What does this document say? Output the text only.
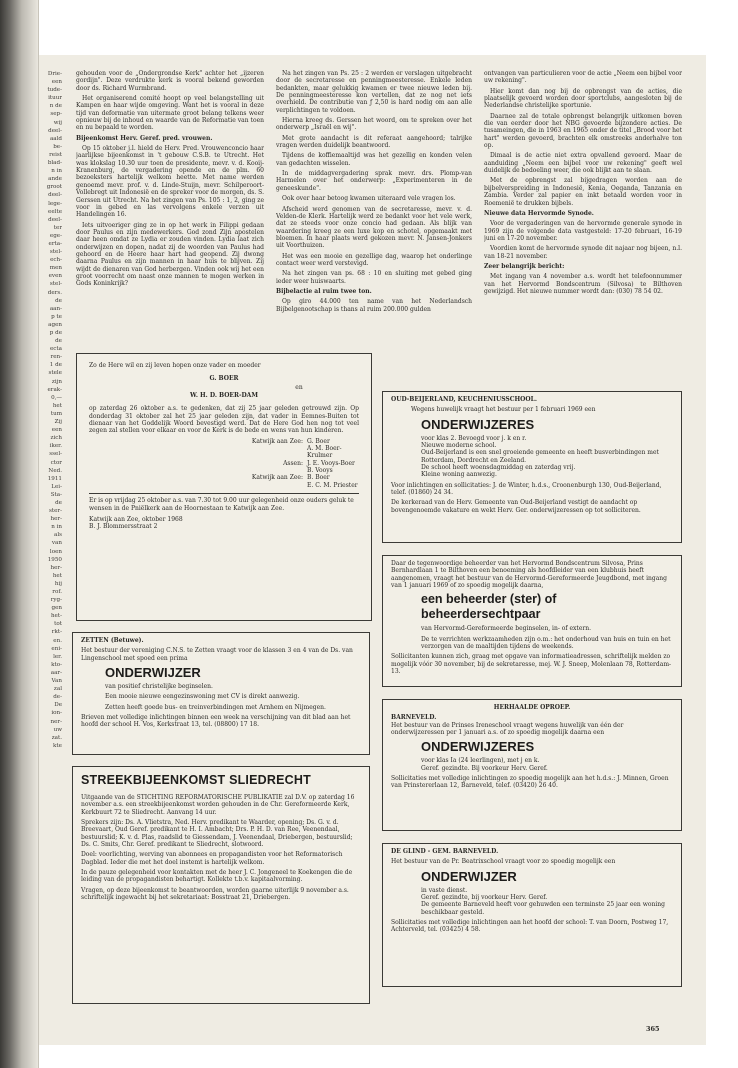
Drie-
een
tude-
ituur
n de
sep-
wij
deel-
aald
be-
reist
blad-
n in
ande
groot
deel-
lege-
eelte
deel-
ter
ege-
erta-
stel-
ech-
men
even
stel-
ders.
de
aan-
p te
agen
p de
de
ecta
ren-
1 de
stele
zijn
erak-
0,—
het
tum
Zij
een
zich
iker.
ssel-
ctor
Ned.
1911
Lei-
Sta-
de
ster-
her-
n in
als
van
loen
1950
her-
het
hij
rof.
ryg-
gen
het-
tot
rkt-
en.
eni-
ler.
kto-
aar-
Van
zal
de-
De
ion-
ner-
uw
zat.
kte

gehouden voor de „Ondergrondse Kerk" achter het „ijzeren gordijn". Deze verdrukte kerk is vooral bekend geworden door ds. Richard Wurmbrand.

Het organiserend comité hoopt op veel belangstelling uit Kampen en haar wijde omgeving. Want het is vooral in deze tijd van deformatie van uitermate groot belang telkens weer opnieuw bij de inhoud en waarde van de Reformatie van toen en nu bepaald te worden.

Bijeenkomst Herv. Geref. pred. vrouwen.

Op 15 oktober j.l. hield de Herv. Pred. Vrouwenconcio haar jaarlijkse bijeenkomst in 't gebouw C.S.B. te Utrecht. Het was klokslag 10.30 uur toen de presidente, mevr. v. d. Kooij-Kranenburg, de vergadering opende en de plm. 60 bezoeksters hartelijk welkom heette. Met name werden genoemd mevr. prof. v. d. Linde-Stuijn, mevr. Schilperoort-Vollebregt uit Indonesië en de spreker voor de morgen, ds. S. Gerssen uit Utrecht. Na het zingen van Ps. 105 : 1, 2, ging ze voor in gebed en las vervolgens enkele verzen uit Handelingen 16.

Iets uitvoeriger ging ze in op het werk in Filippi gedaan door Paulus en zijn medewerkers. God zond Zijn apostelen daar heen omdat ze Lydia er zouden vinden. Lydia laat zich onderwijzen en dopen, nadat zij de woorden van Paulus had gehoord en de Heere haar hart had geopend. Zij dwong daarna Paulus en zijn mannen in haar huis te blijven. Zij wijdt de dienaren van God herbergen. Vinden ook wij het een groot voorrecht om naast onze mannen te mogen werken in Gods Koninkrijk?

Na het zingen van Ps. 25 : 2 werden er verslagen uitgebracht door de secretaresse en penningmeesteresse. Enkele leden bedankten, maar gelukkig kwamen er twee nieuwe leden bij. De penningmeesteresse kon vertellen, dat ze nog net iets overhield. De contributie van ƒ 2,50 is hard nodig om aan alle verplichtingen te voldoen.

Hierna kreeg ds. Gerssen het woord, om te spreken over het onderwerp „Israël en wij".

Met grote aandacht is dit referaat aangehoord; talrijke vragen werden duidelijk beantwoord.

Tijdens de koffiemaaltijd was het gezellig en konden velen van gedachten wisselen.

In de middagvergadering sprak mevr. drs. Plomp-van Harmelen over het onderwerp: „Experimenteren in de geneeskunde".

Ook over haar betoog kwamen uiteraard vele vragen los.

Afscheid werd genomen van de secretaresse, mevr. v. d. Velden-de Klerk. Hartelijk werd ze bedankt voor het vele werk, dat ze steeds voor onze concio had gedaan. Als blijk van waardering kreeg ze een luxe kop en schotel, opgemaakt met bloemen. In haar plaats werd gekozen mevr. N. Jansen-Jonkers uit Voorthuizen.

Het was een mooie en gezellige dag, waarop het onderlinge contact weer werd verstevigd.

Na het zingen van ps. 68 : 10 en sluiting met gebed ging ieder weer huiswaarts.

Bijbelactie al ruim twee ton.

Op giro 44.000 ten name van het Nederlandsch Bijbelgenootschap is thans al ruim 200.000 gulden

ontvangen van particulieren voor de actie „Neem een bijbel voor uw rekening".

Hier komt dan nog bij de opbrengst van de acties, die plaatselijk gevoerd worden door sportclubs, aangesloten bij de Nederlandse christelijke sportunie.

Daarnee zal de totale opbrengst belangrijk uitkomen boven die van eerder door het NBG gevoerde bijzondere acties. De tusameingen, die in 1963 en 1965 onder de titel „Brood voor het hart" werden gevoerd, brachten elk omstreeks anderhalve ton op.

Dimaal is de actie niet extra opvallend gevoerd. Maar de aanduiding „Neem een bijbel voor uw rekening" geeft wel duidelijk de bedoeling weer, die ook blijkt aan te slaan.

Met de opbrengst zal bijgedragen worden aan de bijbelverspreiding in Indonesië, Kenia, Oeganda, Tanzania en Zambia. Verder zal papier en inkt betaald worden voor in Roemenië te drukken bijbels.

Nieuwe data Hervormde Synode.

Voor de vergaderingen van de hervormde generale synode in 1969 zijn de volgende data vastgesteld: 17-20 februari, 16-19 juni en 17-20 november.

Voordien komt de hervormde synode dit najaar nog bijeen, n.l. van 18-21 november.

Zeer belangrijk bericht:

Met ingang van 4 november a.s. wordt het telefoonnummer van het Hervormd Bondscentrum (Silvosa) te Bilthoven gewijzigd. Het nieuwe nummer wordt dan: (030) 78 54 02.

Zo de Here wil en zij leven hopen onze vader en moeder

G. BOER

en

W. H. D. BOER-DAM

op zaterdag 26 oktober a.s. te gedenken, dat zij 25 jaar geleden getrouwd zijn. Op donderdag 31 oktober zal het 25 jaar geleden zijn, dat vader in Eemnes-Buiten tot dienaar van het Goddelijk Woord bevestigd werd. Dat de Here God hen nog tot veel zegen zal stellen voor elkaar en voor de Kerk is de bede en wens van hun kinderen.

Katwijk aan Zee: G. Boer
A. M. Boer-Krulmer
Assen: J. E. Vooys-Boer
B. Vooys
Katwijk aan Zee: B. Boer
E. C. M. Priester

Er is op vrijdag 25 oktober a.s. van 7.30 tot 9.00 uur gelegenheid onze ouders geluk te wensen in de Pniëlkerk aan de Hoornestaan te Katwijk aan Zee.

Katwijk aan Zee, oktober 1968

B. J. Blommersstraat 2

ZETTEN (Betuwe).

Het bestuur der vereniging C.N.S. te Zetten vraagt voor de klassen 3 en 4 van de Ds. van Lingenschool met spoed een prima

ONDERWIJZER

van positief christelijke beginselen.

Een mooie nieuwe eengezinswoning met CV is direkt aanwezig.

Zetten heeft goede bus- en treinverbindingen met Arnhem en Nijmegen.

Brieven met volledige inlichtingen binnen een week na verschijning van dit blad aan het hoofd der school H. Vos, Kerkstraat 13, tel. (08800) 17 18.

STREEKBIJEENKOMST SLIEDRECHT

Uitgaande van de STICHTING REFORMATORISCHE PUBLIKATIE zal D.V. op zaterdag 16 november a.s. een streekbijeenkomst worden gehouden in de Chr. Gereformeerde Kerk, Kerkbuurt 72 te Sliedrecht. Aanvang 14 uur.

Sprekers zijn: Ds. A. Vlietstra, Ned. Herv. predikant te Waarder, opening; Ds. G. v. d. Breevaart, Oud Geref. predikant te H. I. Ambacht; Drs. P. H. D. van Ree, Veenendaal, bestuurslid; K. v. d. Plas, raadslid te Giessendam, J. Veenendaal, Driebergen, bestuurslid; Ds. C. Smits, Chr. Geref. predikant te Sliedrecht, slotwoord.

Doel: voorlichting, werving van abonnees en propagandisten voor het Reformatorisch Dagblad. Ieder die met het doel instemt is hartelijk welkom.

In de pauze gelegenheid voor kontakten met de heer J. C. Jongeneel te Koekengen die de leiding van de propagandisten behartigt. Kollekte t.b.v. kapitaalvorming.

Vragen, op deze bijeenkomst te beantwoorden, worden gaarne uiterlijk 9 november a.s. schriftelijk ingewacht bij het sekretariaat: Bosstraat 21, Driebergen.

OUD-BEIJERLAND, KEUCHENIUSSCHOOL.

Wegens huwelijk vraagt het bestuur per 1 februari 1969 een

ONDERWIJZERES

voor klas 2. Bevoegd voor j. k en r.

Nieuwe moderne school.

Oud-Beijerland is een snel groeiende gemeente en heeft busverbindingen met Rotterdam, Dordrecht en Zeeland.

De school heeft woensdagmiddag en zaterdag vrij.

Kleine woning aanwezig.

Voor inlichtingen en sollicitaties: J. de Winter, h.d.s., Croonenburgh 130, Oud-Beijerland, telef. (01860) 24 34.

De kerkeraad van de Herv. Gemeente van Oud-Beijerland vestigt de aandacht op bovengenoemde vakature en wekt Herv. Ger. onderwijzeressen op tot solliciteren.

Daar de tegenwoordige beheerder van het Hervormd Bondscentrum Silvosa, Prins Bernhardlaan 1 te Bilthoven een benoeming als hoofdleider van een klubhuis heeft aangenomen, vraagt het bestuur van de Hervormd-Gereformeerde Jeugdbond, met ingang van 1 januari 1969 of zo spoedig mogelijk daarna,

een beheerder (ster) of

beheerdersechtpaar

van Hervormd-Gereformeerde beginselen, in- of extern.

De te verrichten werkzaamheden zijn o.m.: het onderhoud van huis en tuin en het verzorgen van de maaltijden tijdens de weekends.

Sollicitanten kunnen zich, graag met opgave van informatieadressen, schriftelijk melden zo mogelijk vóór 30 november, bij de sekretaresse, mej. W. J. Sneep, Molenlaan 78, Rotterdam-13.

HERHAALDE OPROEP.

BARNEVELD.

Het bestuur van de Prinses Ireneschool vraagt wegens huwelijk van één der onderwijzeressen per 1 januari a.s. of zo spoedig mogelijk daarna een

ONDERWIJZERES

voor klas Ia (24 leerlingen), met j en k.

Geref. gezindte. Bij voorkeur Herv. Geref.

Sollicitaties met volledige inlichtingen zo spoedig mogelijk aan het h.d.s.: J. Minnen, Groen van Prinstererlaan 12, Barneveld, telef. (03420) 26 40.

DE GLIND - GEM. BARNEVELD.

Het bestuur van de Pr. Beatrixschool vraagt voor zo spoedig mogelijk een

ONDERWIJZER

in vaste dienst.

Geref. gezindte, bij voorkeur Herv. Geref.

De gemeente Barneveld heeft voor gehuwden een terminste 25 jaar een woning beschikbaar gesteld.

Sollicitaties met volledige inlichtingen aan het hoofd der school: T. van Doorn, Postweg 17, Achterveld, tel. (03425) 4 58.

365
